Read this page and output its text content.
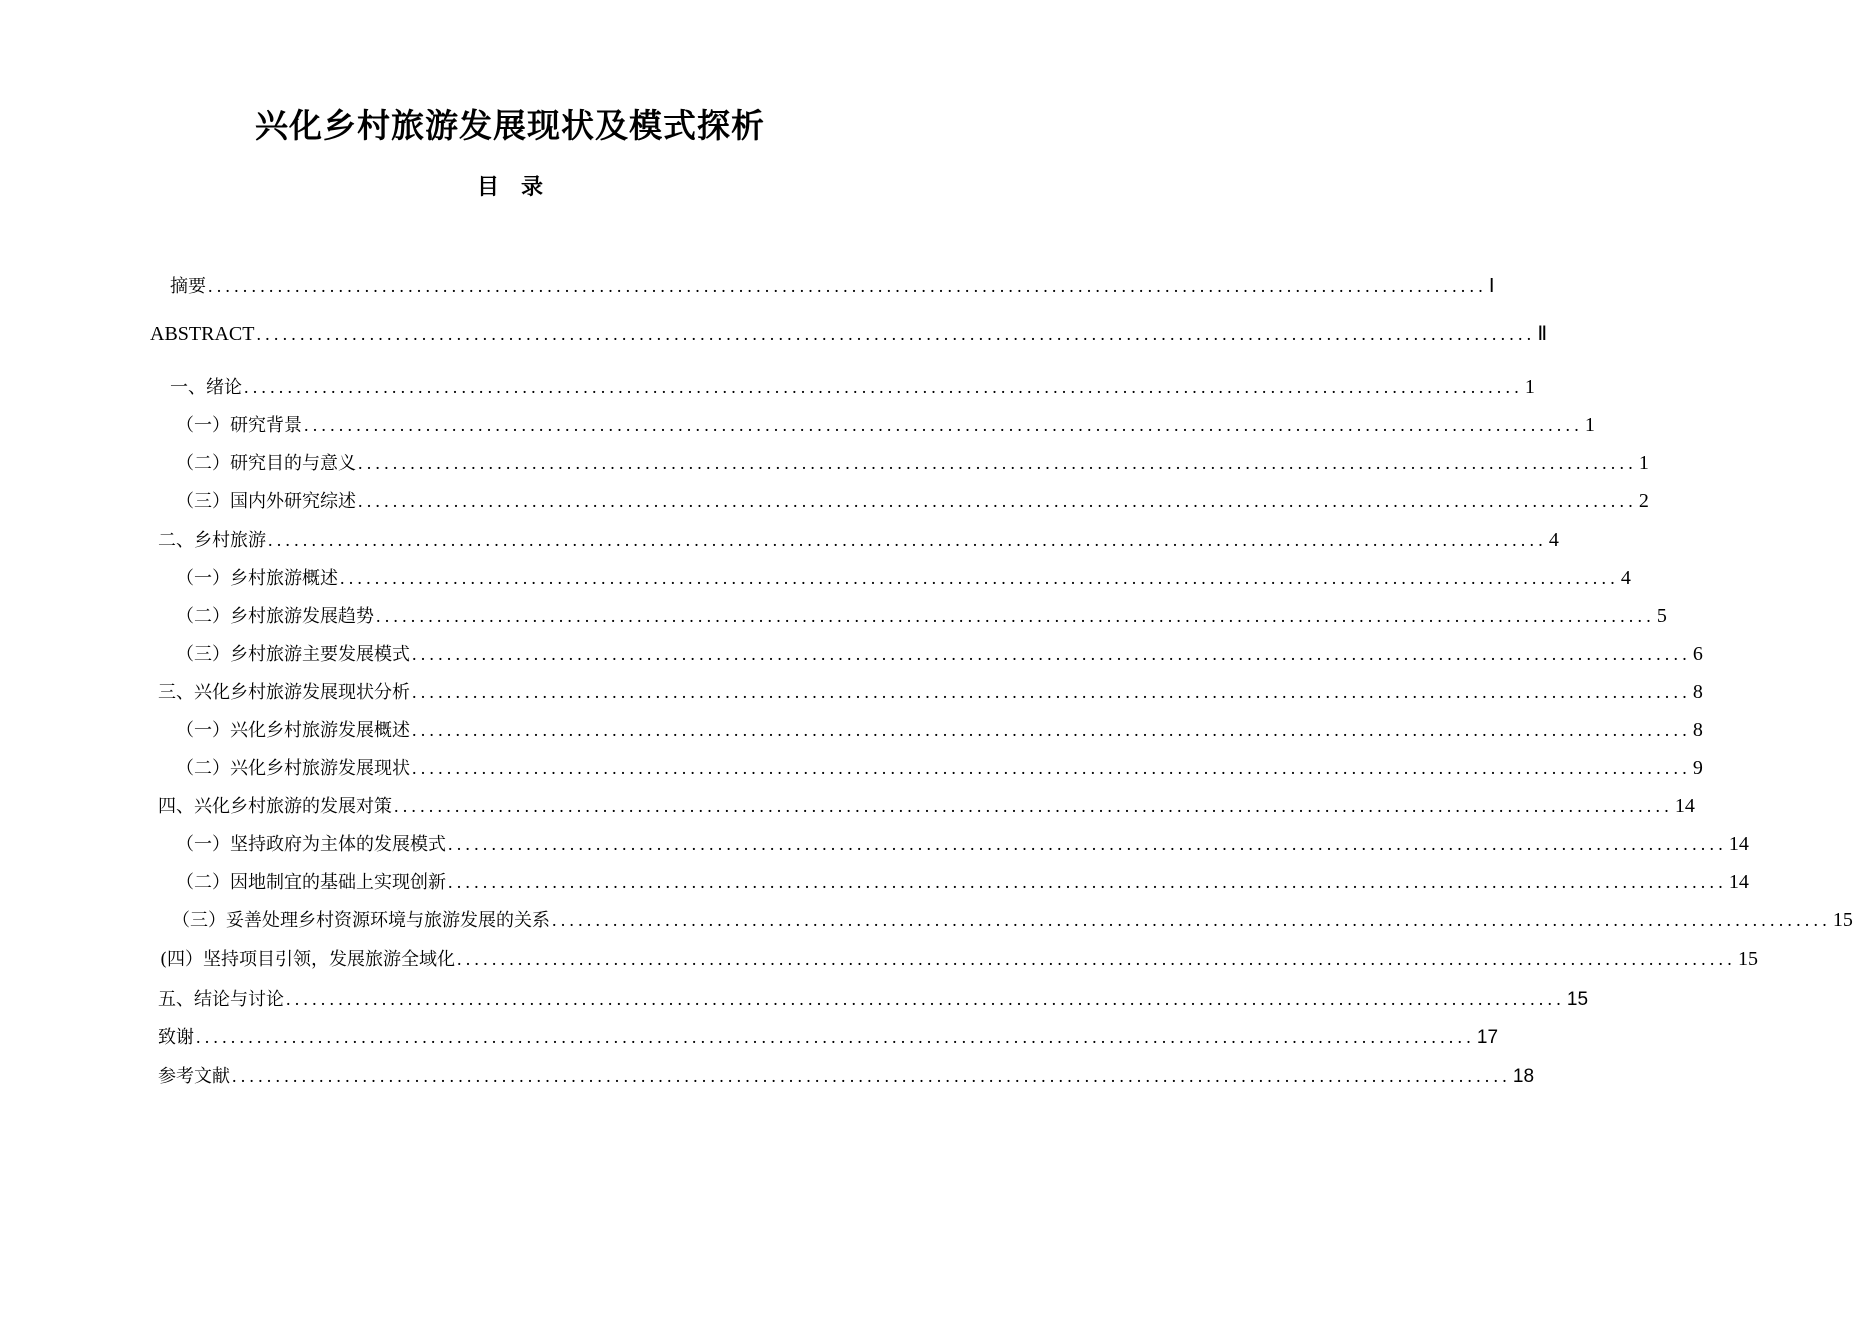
兴化乡村旅游发展现状及模式探析
目 录
摘要 ................................................................................................................................................... Ⅰ
ABSTRACT ................................................................................................................................................... Ⅱ
一、绪论 ................................................................................................................................................... 1
（一）研究背景 ................................................................................................................................................... 1
（二）研究目的与意义 ................................................................................................................................................... 1
（三）国内外研究综述 ................................................................................................................................................... 2
二、乡村旅游 ................................................................................................................................................... 4
（一）乡村旅游概述 ................................................................................................................................................... 4
（二）乡村旅游发展趋势 ................................................................................................................................................... 5
（三）乡村旅游主要发展模式 ................................................................................................................................................... 6
三、兴化乡村旅游发展现状分析 ................................................................................................................................................... 8
（一）兴化乡村旅游发展概述 ................................................................................................................................................... 8
（二）兴化乡村旅游发展现状 ................................................................................................................................................... 9
四、兴化乡村旅游的发展对策 ................................................................................................................................................... 14
（一）坚持政府为主体的发展模式 ................................................................................................................................................... 14
（二）因地制宜的基础上实现创新 ................................................................................................................................................... 14
（三）妥善处理乡村资源环境与旅游发展的关系 ................................................................................................................................................... 15
(四）坚持项目引领，发展旅游全域化 ................................................................................................................................................... 15
五、结论与讨论 ................................................................................................................................................... 15
致谢 ................................................................................................................................................... 17
参考文献 ................................................................................................................................................... 18
